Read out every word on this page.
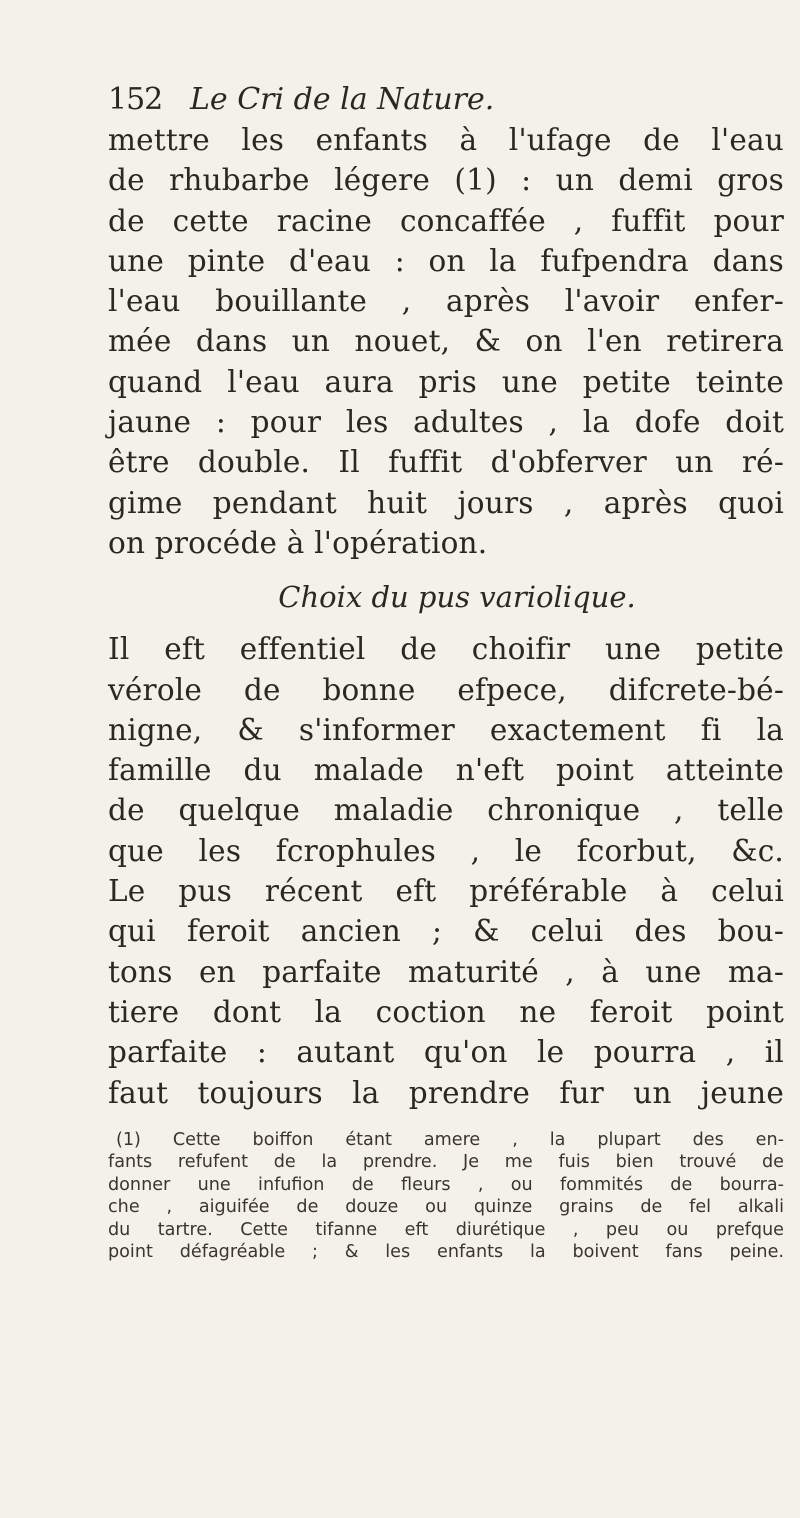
152 Le Cri de la Nature.
mettre les enfants à l'ufage de l'eau
de rhubarbe légere (1) : un demi gros
de cette racine concaffée , fuffit pour
une pinte d'eau : on la fufpendra dans
l'eau bouillante , après l'avoir enfer-
mée dans un nouet, & on l'en retirera
quand l'eau aura pris une petite teinte
jaune : pour les adultes , la dofe doit
être double. Il fuffit d'obferver un ré-
gime pendant huit jours , après quoi
on procéde à l'opération.
Choix du pus variolique.
Il eft effentiel de choifir une petite
vérole de bonne efpece, difcrete-bé-
nigne, & s'informer exactement fi la
famille du malade n'eft point atteinte
de quelque maladie chronique , telle
que les fcrophules , le fcorbut, &c.
Le pus récent eft préférable à celui
qui feroit ancien ; & celui des bou-
tons en parfaite maturité , à une ma-
tiere dont la coction ne feroit point
parfaite : autant qu'on le pourra , il
faut toujours la prendre fur un jeune
(1) Cette boiffon étant amere , la plupart des en-
fants refufent de la prendre. Je me fuis bien trouvé de
donner une infufion de fleurs , ou fommités de bourra-
che , aiguifée de douze ou quinze grains de fel alkali
du tartre. Cette tifanne eft diurétique , peu ou prefque
point défagréable ; & les enfants la boivent fans peine.
